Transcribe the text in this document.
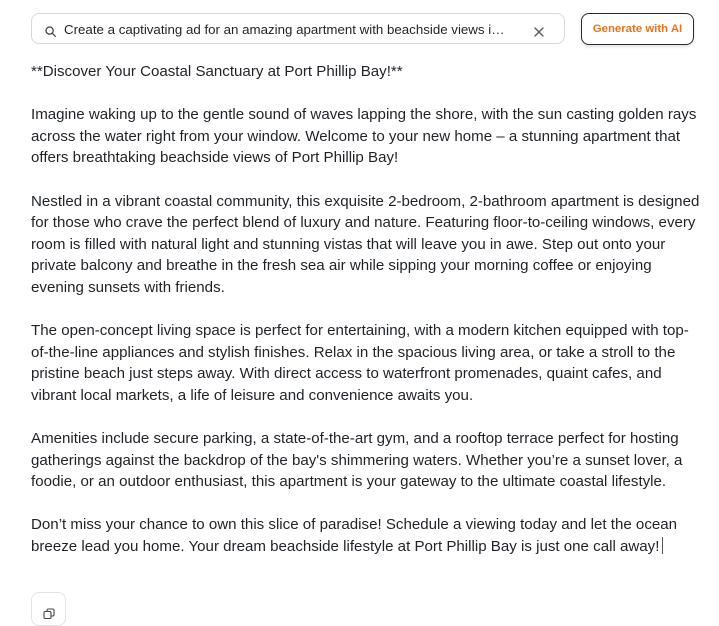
Create a captivating ad for an amazing apartment with beachside views in Port Phillip Bay
Generate with AI

**Discover Your Coastal Sanctuary at Port Phillip Bay!**

Imagine waking up to the gentle sound of waves lapping the shore, with the sun casting golden rays across the water right from your window. Welcome to your new home – a stunning apartment that offers breathtaking beachside views of Port Phillip Bay!

Nestled in a vibrant coastal community, this exquisite 2-bedroom, 2-bathroom apartment is designed for those who crave the perfect blend of luxury and nature. Featuring floor-to-ceiling windows, every room is filled with natural light and stunning vistas that will leave you in awe. Step out onto your private balcony and breathe in the fresh sea air while sipping your morning coffee or enjoying evening sunsets with friends.

The open-concept living space is perfect for entertaining, with a modern kitchen equipped with top-of-the-line appliances and stylish finishes. Relax in the spacious living area, or take a stroll to the pristine beach just steps away. With direct access to waterfront promenades, quaint cafes, and vibrant local markets, a life of leisure and convenience awaits you.

Amenities include secure parking, a state-of-the-art gym, and a rooftop terrace perfect for hosting gatherings against the backdrop of the bay's shimmering waters. Whether you’re a sunset lover, a foodie, or an outdoor enthusiast, this apartment is your gateway to the ultimate coastal lifestyle.

Don’t miss your chance to own this slice of paradise! Schedule a viewing today and let the ocean breeze lead you home. Your dream beachside lifestyle at Port Phillip Bay is just one call away!
